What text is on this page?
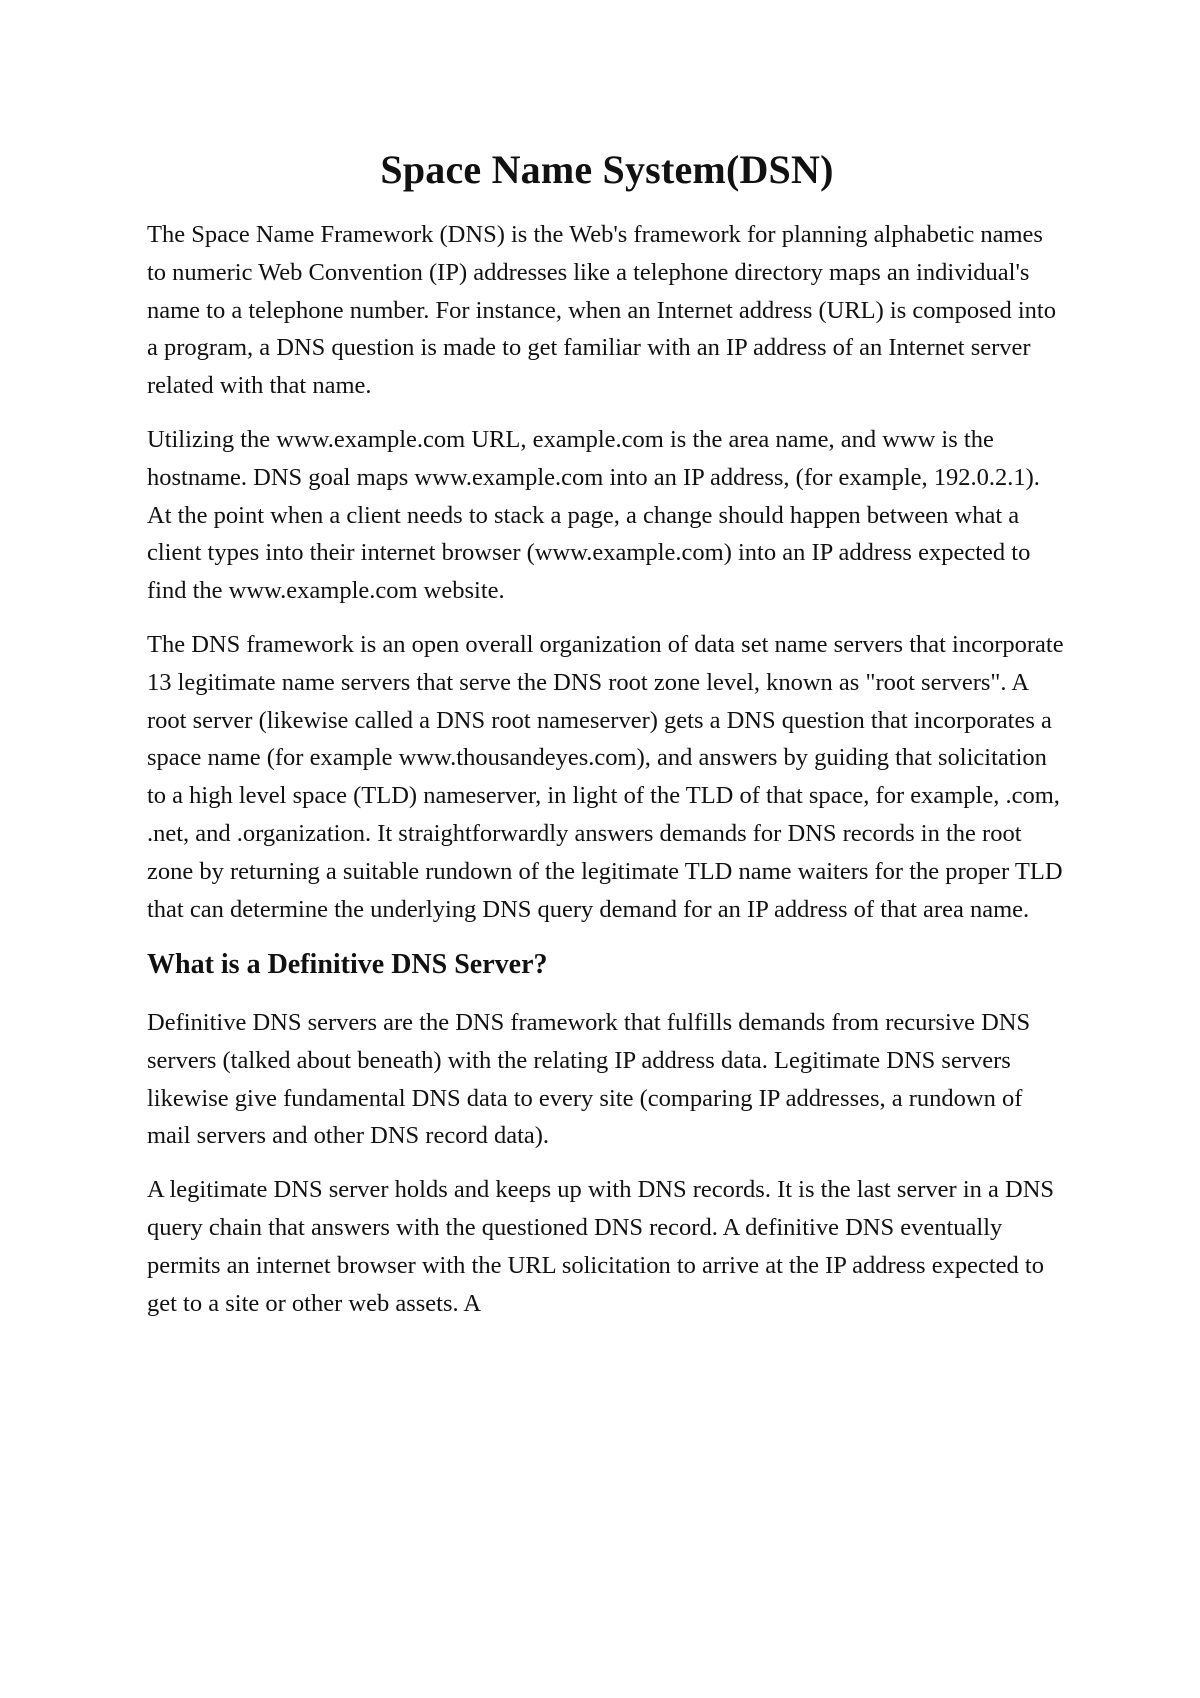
Space Name System(DSN)

The Space Name Framework (DNS) is the Web's framework for planning alphabetic names to numeric Web Convention (IP) addresses like a telephone directory maps an individual's name to a telephone number. For instance, when an Internet address (URL) is composed into a program, a DNS question is made to get familiar with an IP address of an Internet server related with that name.

Utilizing the www.example.com URL, example.com is the area name, and www is the hostname. DNS goal maps www.example.com into an IP address, (for example, 192.0.2.1). At the point when a client needs to stack a page, a change should happen between what a client types into their internet browser (www.example.com) into an IP address expected to find the www.example.com website.

The DNS framework is an open overall organization of data set name servers that incorporate 13 legitimate name servers that serve the DNS root zone level, known as "root servers". A root server (likewise called a DNS root nameserver) gets a DNS question that incorporates a space name (for example www.thousandeyes.com), and answers by guiding that solicitation to a high level space (TLD) nameserver, in light of the TLD of that space, for example, .com, .net, and .organization. It straightforwardly answers demands for DNS records in the root zone by returning a suitable rundown of the legitimate TLD name waiters for the proper TLD that can determine the underlying DNS query demand for an IP address of that area name.

What is a Definitive DNS Server?

Definitive DNS servers are the DNS framework that fulfills demands from recursive DNS servers (talked about beneath) with the relating IP address data. Legitimate DNS servers likewise give fundamental DNS data to every site (comparing IP addresses, a rundown of mail servers and other DNS record data).

A legitimate DNS server holds and keeps up with DNS records. It is the last server in a DNS query chain that answers with the questioned DNS record. A definitive DNS eventually permits an internet browser with the URL solicitation to arrive at the IP address expected to get to a site or other web assets. A
